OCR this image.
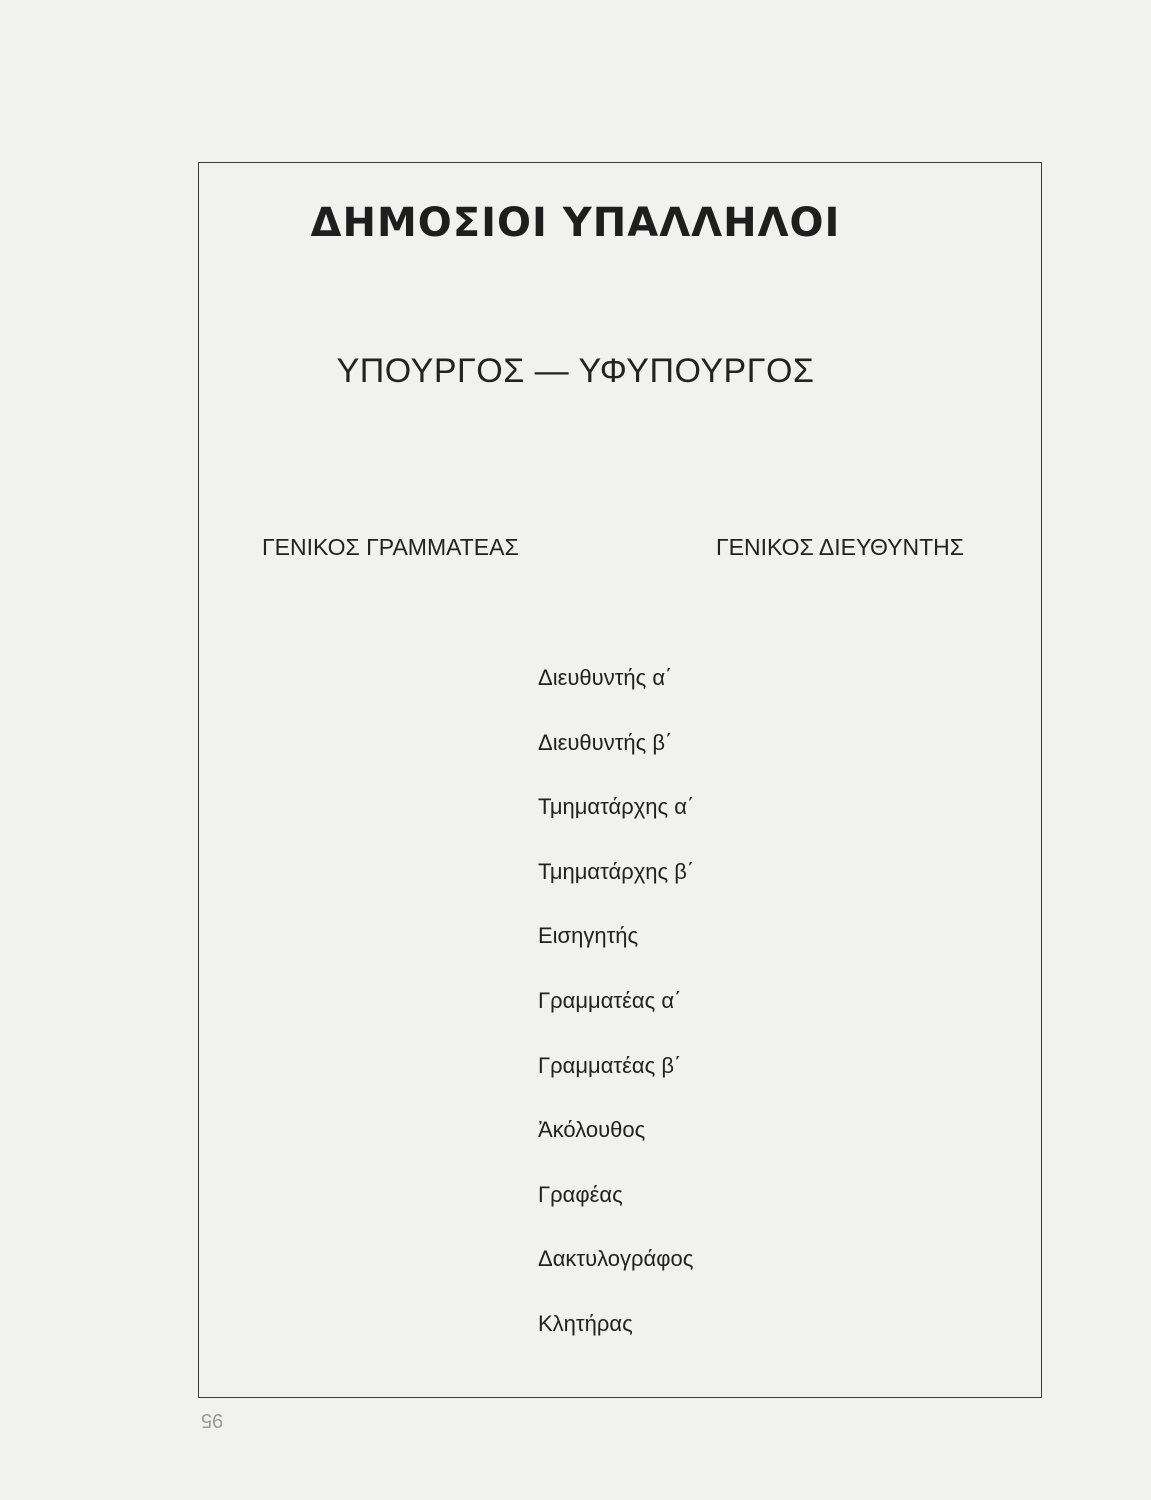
ΔΗΜΟΣΙΟΙ ΥΠΑΛΛΗΛΟΙ
ΥΠΟΥΡΓΟΣ — ΥΦΥΠΟΥΡΓΟΣ
ΓΕΝΙΚΟΣ ΓΡΑΜΜΑΤΕΑΣ	ΓΕΝΙΚΟΣ ΔΙΕΥΘΥΝΤΗΣ
Διευθυντής α΄
Διευθυντής β΄
Τμηματάρχης α΄
Τμηματάρχης β΄
Εισηγητής
Γραμματέας α΄
Γραμματέας β΄
Ἀκόλουθος
Γραφέας
Δακτυλογράφος
Κλητήρας
95
